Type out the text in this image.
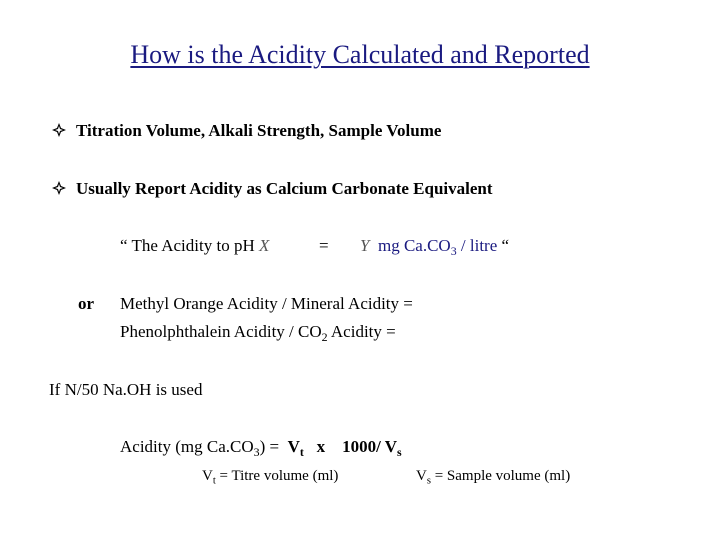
How is the Acidity Calculated and Reported
Titration Volume, Alkali Strength, Sample Volume
Usually Report Acidity as Calcium Carbonate Equivalent
“ The Acidity to pH X	= Y mg $Ca.CO_3$ / litre “
or Methyl Orange Acidity / Mineral Acidity =
Phenolphthalein Acidity / $CO_2$ Acidity =
If N/50 Na.OH is used
Acidity (mg $Ca.CO_3) = V_t$ x 1000/ $V_s$
$V_t$ = Titre volume (ml)	$V_s$ = Sample volume (ml)
